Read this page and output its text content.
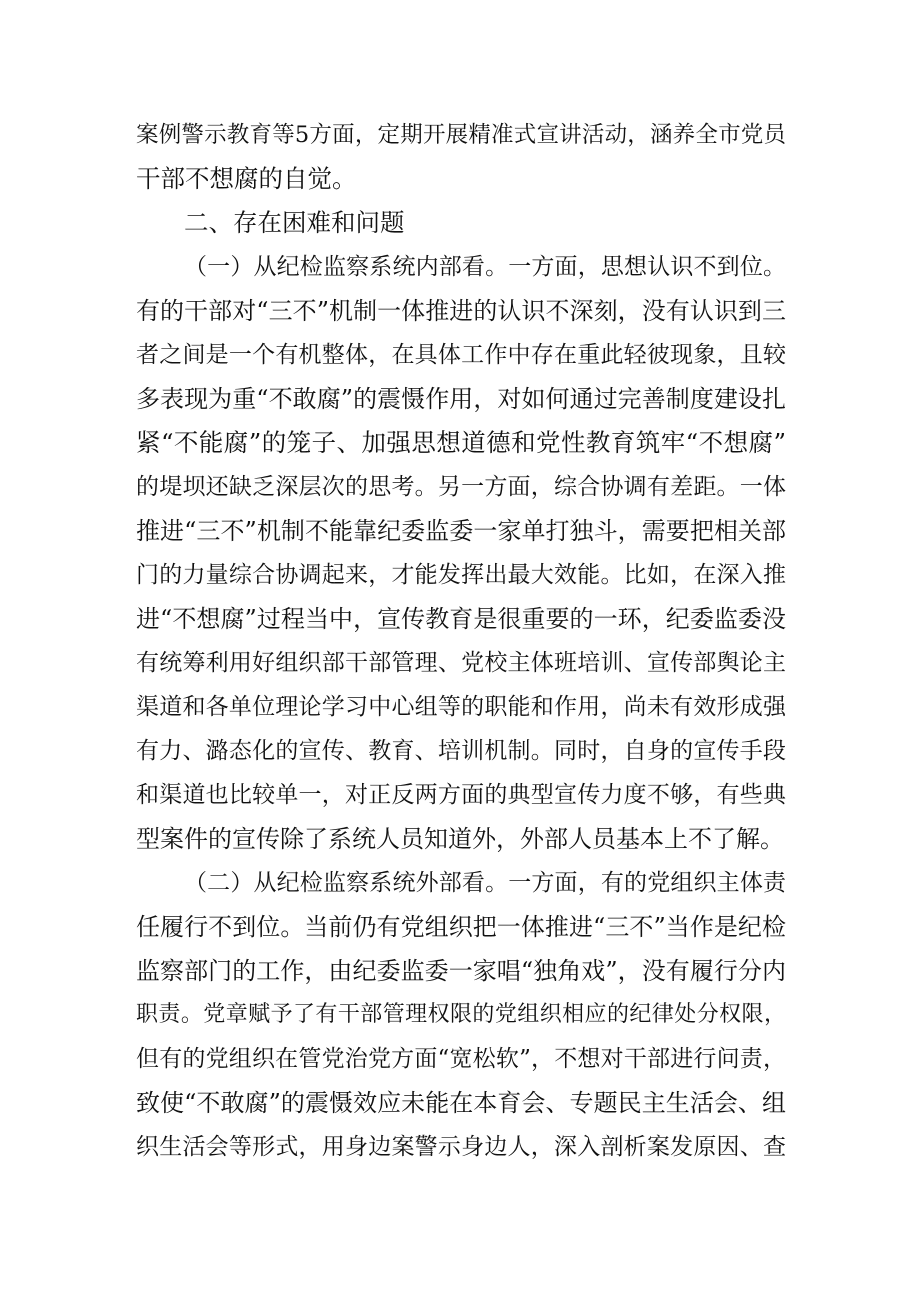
案例警示教育等5方面，定期开展精准式宣讲活动，涵养全市党员
干部不想腐的自觉。
二、存在困难和问题
（一）从纪检监察系统内部看。一方面，思想认识不到位。
有的干部对“三不”机制一体推进的认识不深刻，没有认识到三
者之间是一个有机整体，在具体工作中存在重此轻彼现象，且较
多表现为重“不敢腐”的震慑作用，对如何通过完善制度建设扎
紧“不能腐”的笼子、加强思想道德和党性教育筑牢“不想腐”
的堤坝还缺乏深层次的思考。另一方面，综合协调有差距。一体
推进“三不”机制不能靠纪委监委一家单打独斗，需要把相关部
门的力量综合协调起来，才能发挥出最大效能。比如，在深入推
进“不想腐”过程当中，宣传教育是很重要的一环，纪委监委没
有统筹利用好组织部干部管理、党校主体班培训、宣传部舆论主
渠道和各单位理论学习中心组等的职能和作用，尚未有效形成强
有力、潞态化的宣传、教育、培训机制。同时，自身的宣传手段
和渠道也比较单一，对正反两方面的典型宣传力度不够，有些典
型案件的宣传除了系统人员知道外，外部人员基本上不了解。
（二）从纪检监察系统外部看。一方面，有的党组织主体责
任履行不到位。当前仍有党组织把一体推进“三不”当作是纪检
监察部门的工作，由纪委监委一家唱“独角戏”，没有履行分内
职责。党章赋予了有干部管理权限的党组织相应的纪律处分权限，
但有的党组织在管党治党方面“宽松软”，不想对干部进行问责，
致使“不敢腐”的震慑效应未能在本育会、专题民主生活会、组
织生活会等形式，用身边案警示身边人，深入剖析案发原因、查
